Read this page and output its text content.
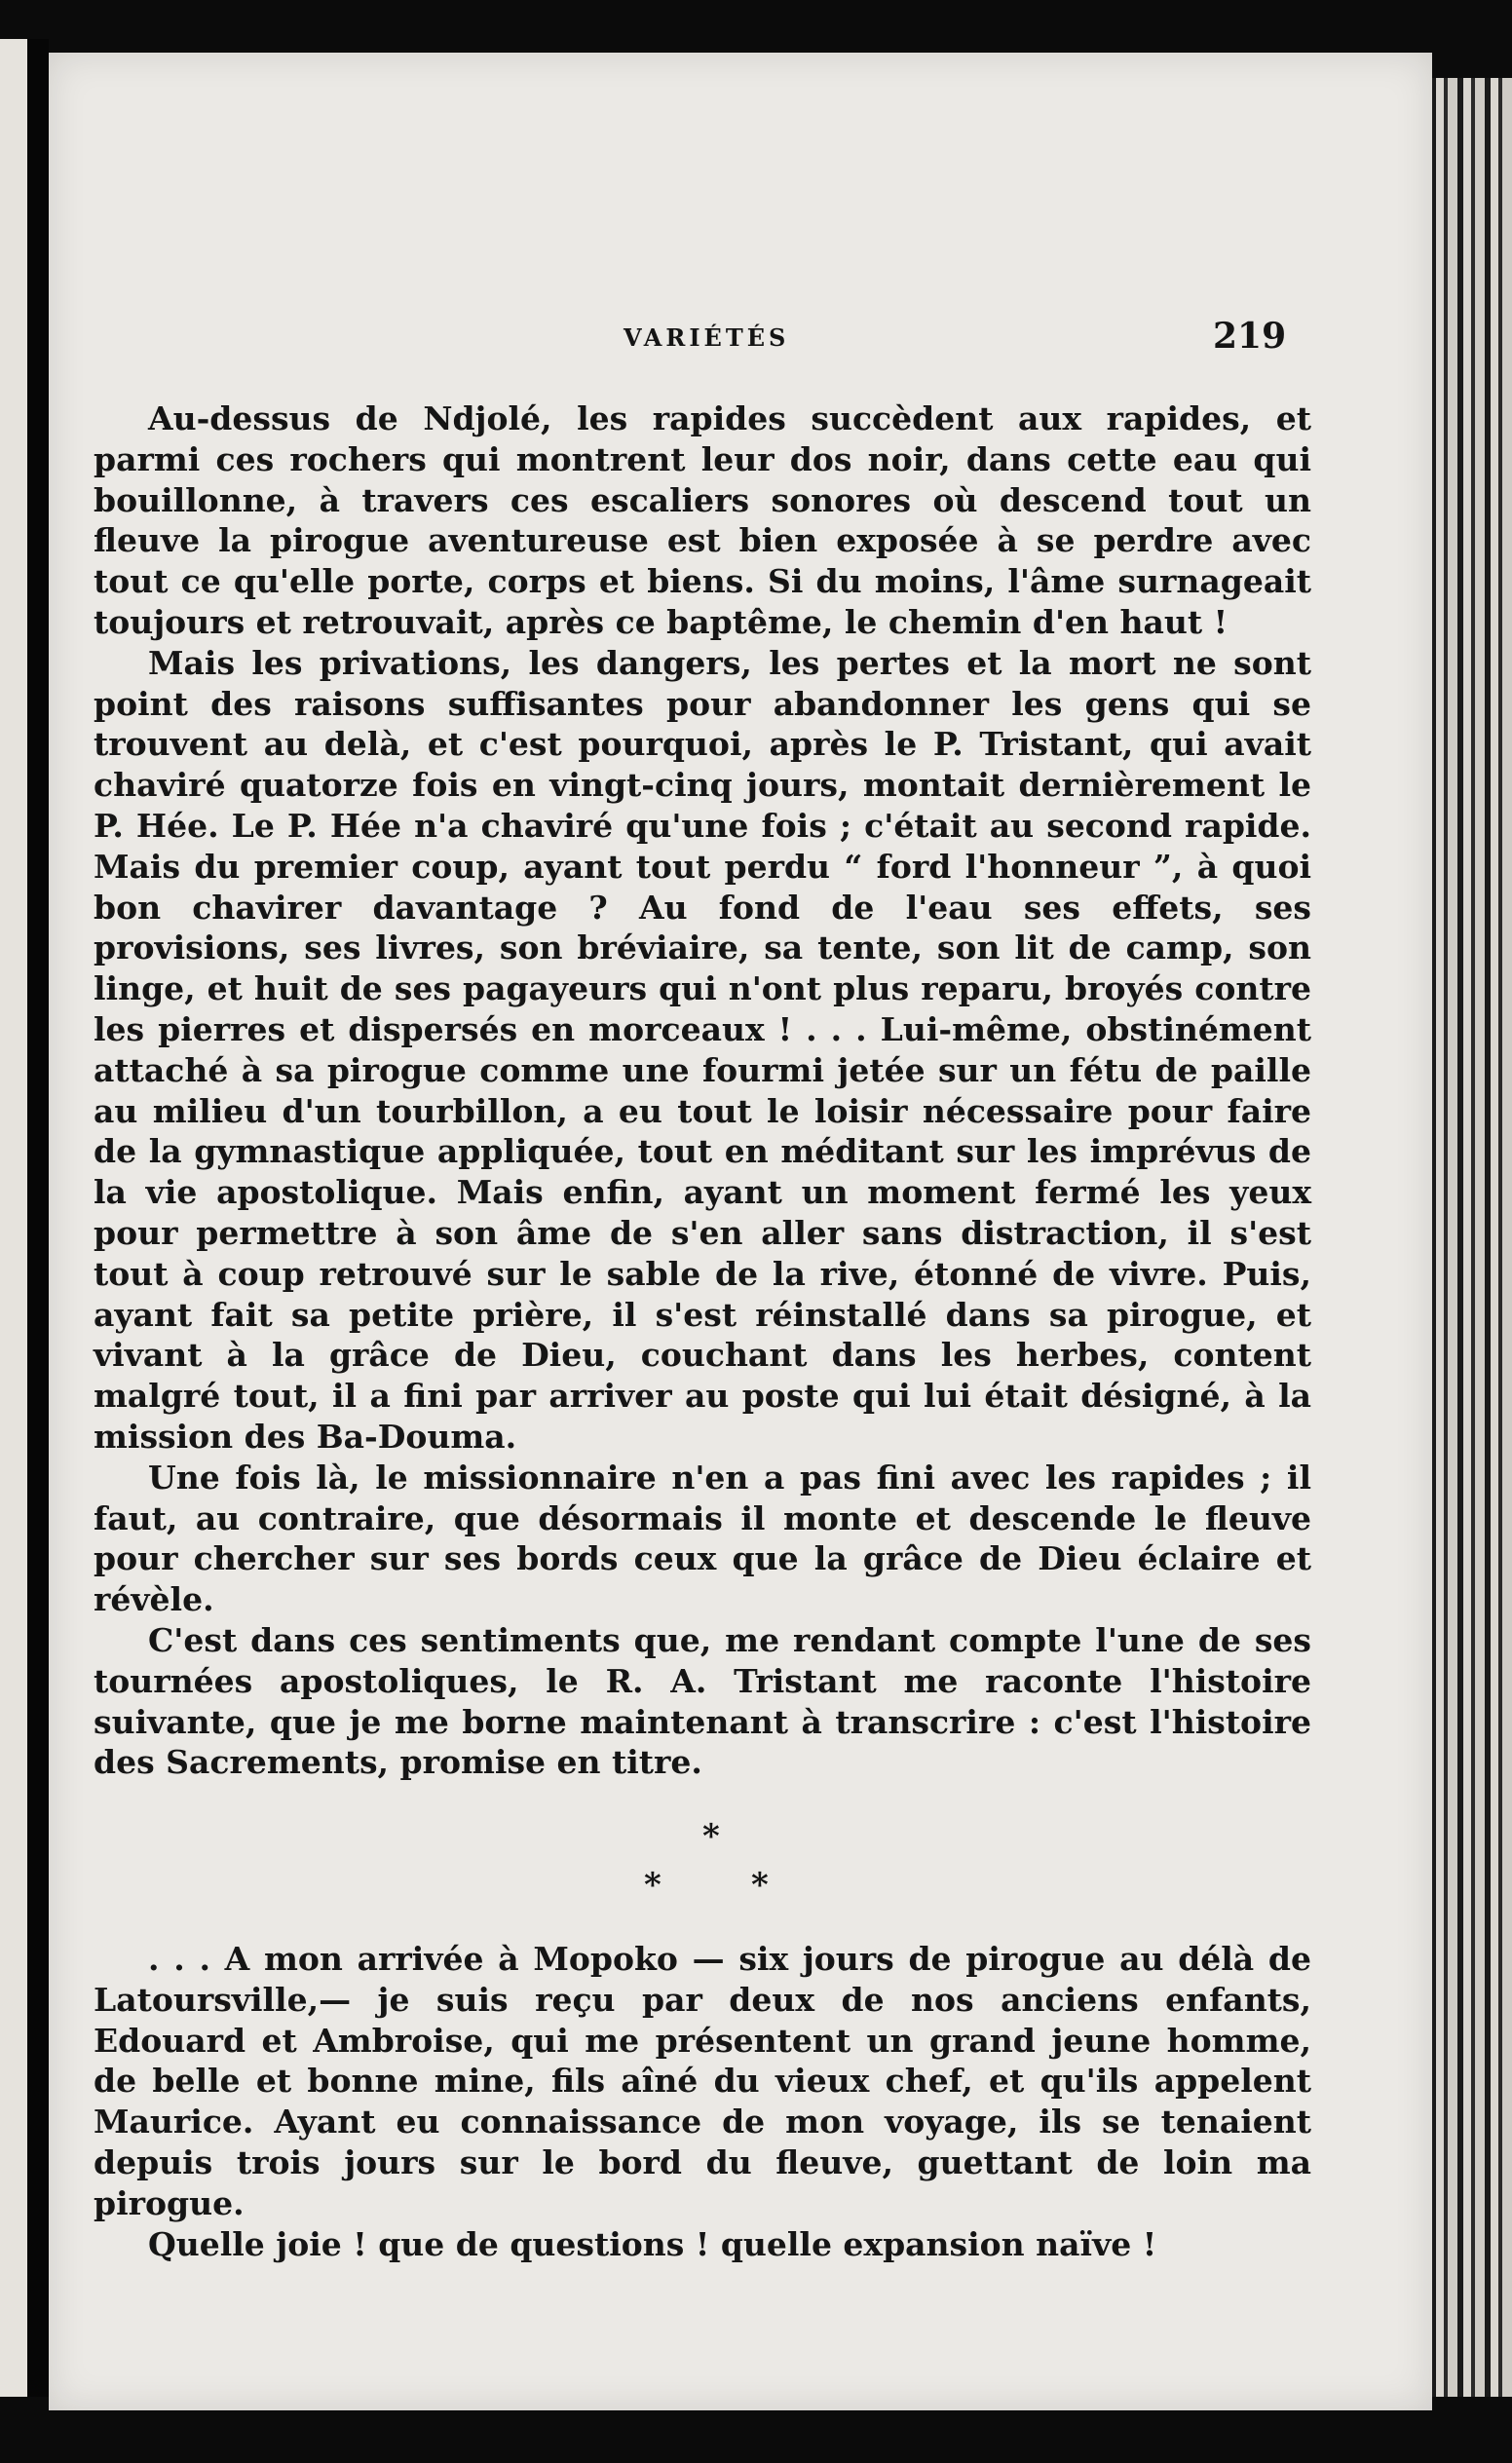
VARIÉTÉS	219

Au-dessus de Ndjolé, les rapides succèdent aux rapides, et parmi ces rochers qui montrent leur dos noir, dans cette eau qui bouillonne, à travers ces escaliers sonores où descend tout un fleuve la pirogue aventureuse est bien exposée à se perdre avec tout ce qu'elle porte, corps et biens. Si du moins, l'âme surnageait toujours et retrouvait, après ce baptême, le chemin d'en haut !

Mais les privations, les dangers, les pertes et la mort ne sont point des raisons suffisantes pour abandonner les gens qui se trouvent au delà, et c'est pourquoi, après le P. Tristant, qui avait chaviré quatorze fois en vingt-cinq jours, montait dernièrement le P. Hée. Le P. Hée n'a chaviré qu'une fois ; c'était au second rapide. Mais du premier coup, ayant tout perdu “ ford l'honneur ”, à quoi bon chavirer davantage ? Au fond de l'eau ses effets, ses provisions, ses livres, son bréviaire, sa tente, son lit de camp, son linge, et huit de ses pagayeurs qui n'ont plus reparu, broyés contre les pierres et dispersés en morceaux ! . . . Lui-même, obstinément attaché à sa pirogue comme une fourmi jetée sur un fétu de paille au milieu d'un tourbillon, a eu tout le loisir nécessaire pour faire de la gymnastique appliquée, tout en méditant sur les imprévus de la vie apostolique. Mais enfin, ayant un moment fermé les yeux pour permettre à son âme de s'en aller sans distraction, il s'est tout à coup retrouvé sur le sable de la rive, étonné de vivre. Puis, ayant fait sa petite prière, il s'est réinstallé dans sa pirogue, et vivant à la grâce de Dieu, couchant dans les herbes, content malgré tout, il a fini par arriver au poste qui lui était désigné, à la mission des Ba-Douma.

Une fois là, le missionnaire n'en a pas fini avec les rapides ; il faut, au contraire, que désormais il monte et descende le fleuve pour chercher sur ses bords ceux que la grâce de Dieu éclaire et révèle.

C'est dans ces sentiments que, me rendant compte l'une de ses tournées apostoliques, le R. A. Tristant me raconte l'histoire suivante, que je me borne maintenant à transcrire : c'est l'histoire des Sacrements, promise en titre.

*
*	*

. . . A mon arrivée à Mopoko — six jours de pirogue au délà de Latoursville,— je suis reçu par deux de nos anciens enfants, Edouard et Ambroise, qui me présentent un grand jeune homme, de belle et bonne mine, fils aîné du vieux chef, et qu'ils appelent Maurice. Ayant eu connaissance de mon voyage, ils se tenaient depuis trois jours sur le bord du fleuve, guettant de loin ma pirogue.

Quelle joie ! que de questions ! quelle expansion naïve !
